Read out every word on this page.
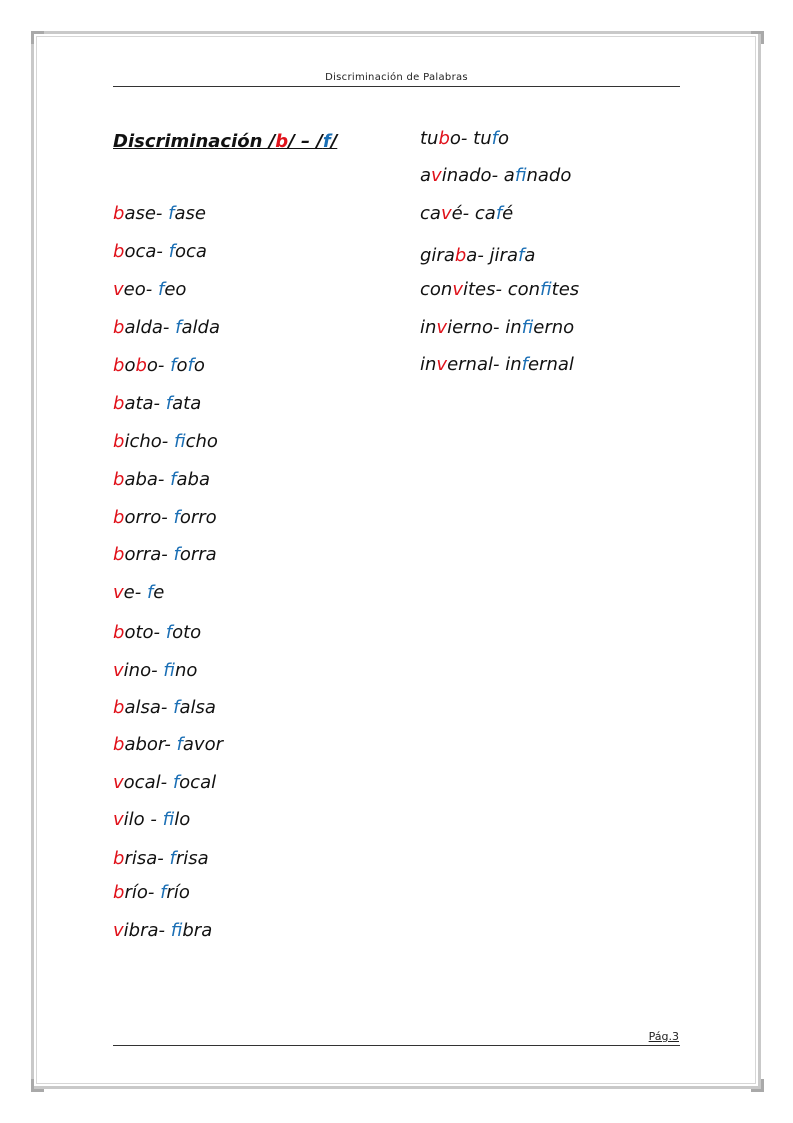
Discriminación de Palabras
Discriminación /b/ – /f/
base- fase
boca- foca
veo- feo
balda- falda
bobo- fofo
bata- fata
bicho- ficho
baba- faba
borro- forro
borra- forra
ve- fe
boto- foto
vino- fino
balsa- falsa
babor- favor
vocal- focal
vilo - filo
brisa- frisa
brío- frío
vibra- fibra
tubo- tufo
avinado- afinado
cavé- café
giraba- jirafa
convites- confites
invierno- infierno
invernal- infernal
Pág.3
